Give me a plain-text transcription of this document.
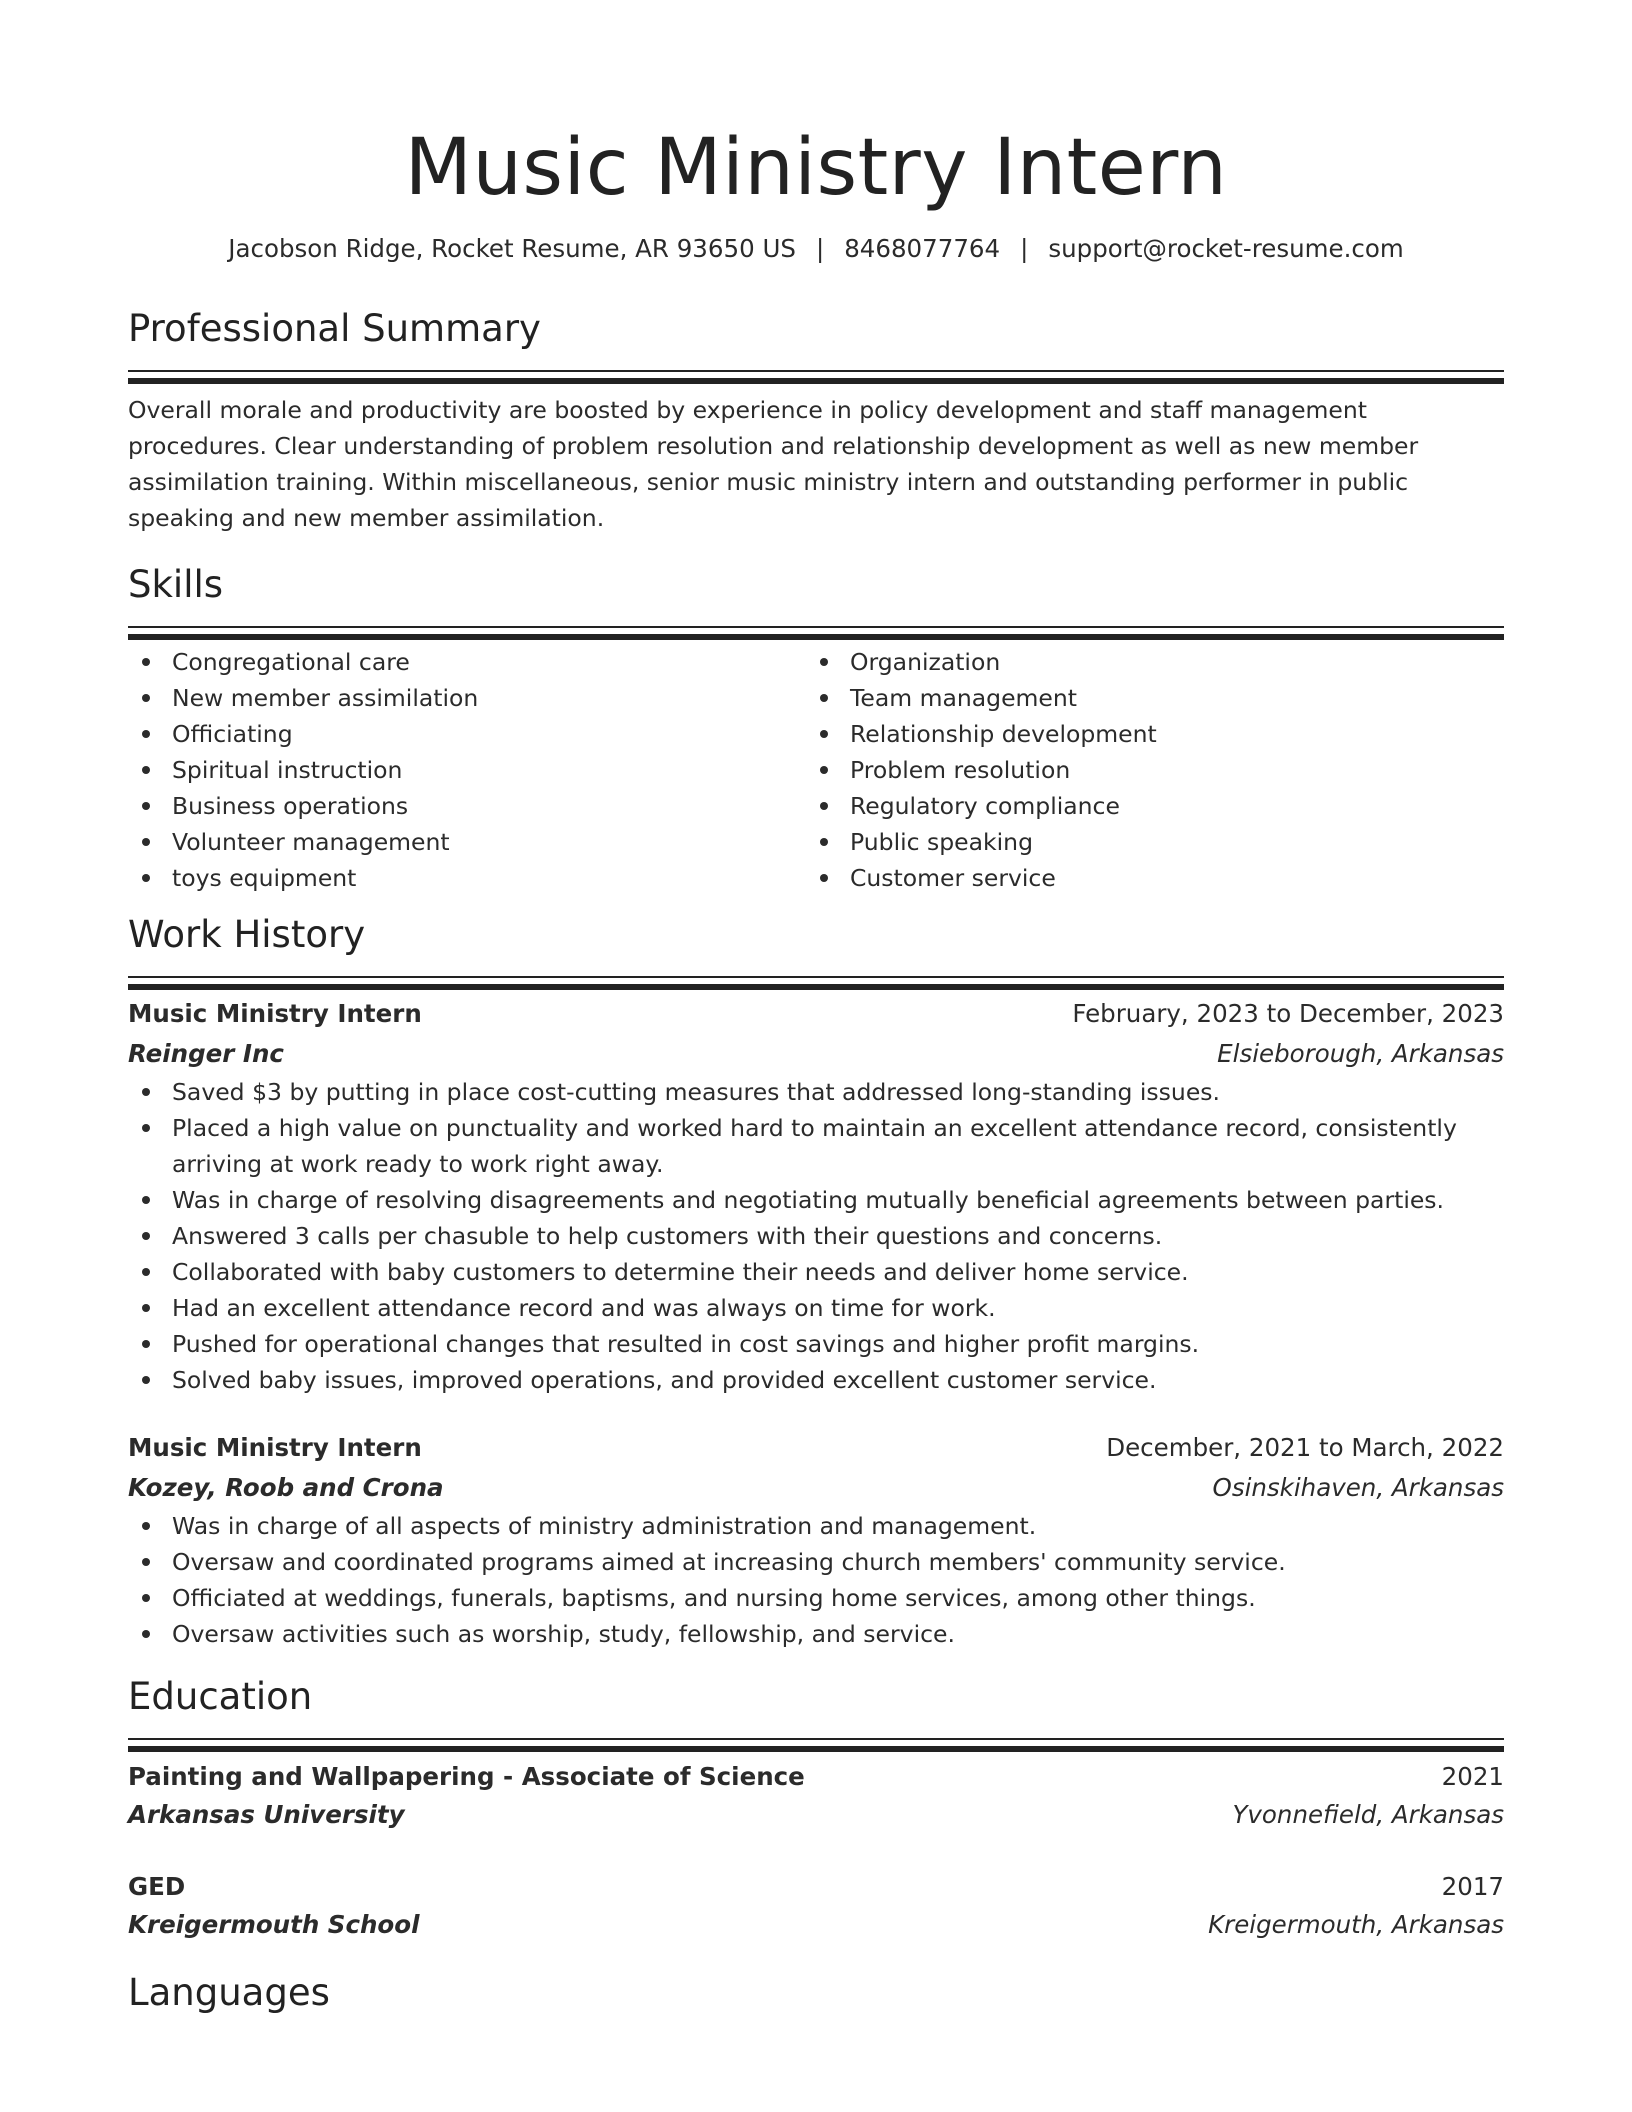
Music Ministry Intern
Jacobson Ridge, Rocket Resume, AR 93650 US | 8468077764 | support@rocket-resume.com
Professional Summary
Overall morale and productivity are boosted by experience in policy development and staff management procedures. Clear understanding of problem resolution and relationship development as well as new member assimilation training. Within miscellaneous, senior music ministry intern and outstanding performer in public speaking and new member assimilation.
Skills
Congregational care
New member assimilation
Officiating
Spiritual instruction
Business operations
Volunteer management
toys equipment
Organization
Team management
Relationship development
Problem resolution
Regulatory compliance
Public speaking
Customer service
Work History
Music Ministry Intern	February, 2023 to December, 2023
Reinger Inc	Elsieborough, Arkansas
Saved $3 by putting in place cost-cutting measures that addressed long-standing issues.
Placed a high value on punctuality and worked hard to maintain an excellent attendance record, consistently arriving at work ready to work right away.
Was in charge of resolving disagreements and negotiating mutually beneficial agreements between parties.
Answered 3 calls per chasuble to help customers with their questions and concerns.
Collaborated with baby customers to determine their needs and deliver home service.
Had an excellent attendance record and was always on time for work.
Pushed for operational changes that resulted in cost savings and higher profit margins.
Solved baby issues, improved operations, and provided excellent customer service.
Music Ministry Intern	December, 2021 to March, 2022
Kozey, Roob and Crona	Osinskihaven, Arkansas
Was in charge of all aspects of ministry administration and management.
Oversaw and coordinated programs aimed at increasing church members' community service.
Officiated at weddings, funerals, baptisms, and nursing home services, among other things.
Oversaw activities such as worship, study, fellowship, and service.
Education
Painting and Wallpapering - Associate of Science	2021
Arkansas University	Yvonnefield, Arkansas
GED	2017
Kreigermouth School	Kreigermouth, Arkansas
Languages
